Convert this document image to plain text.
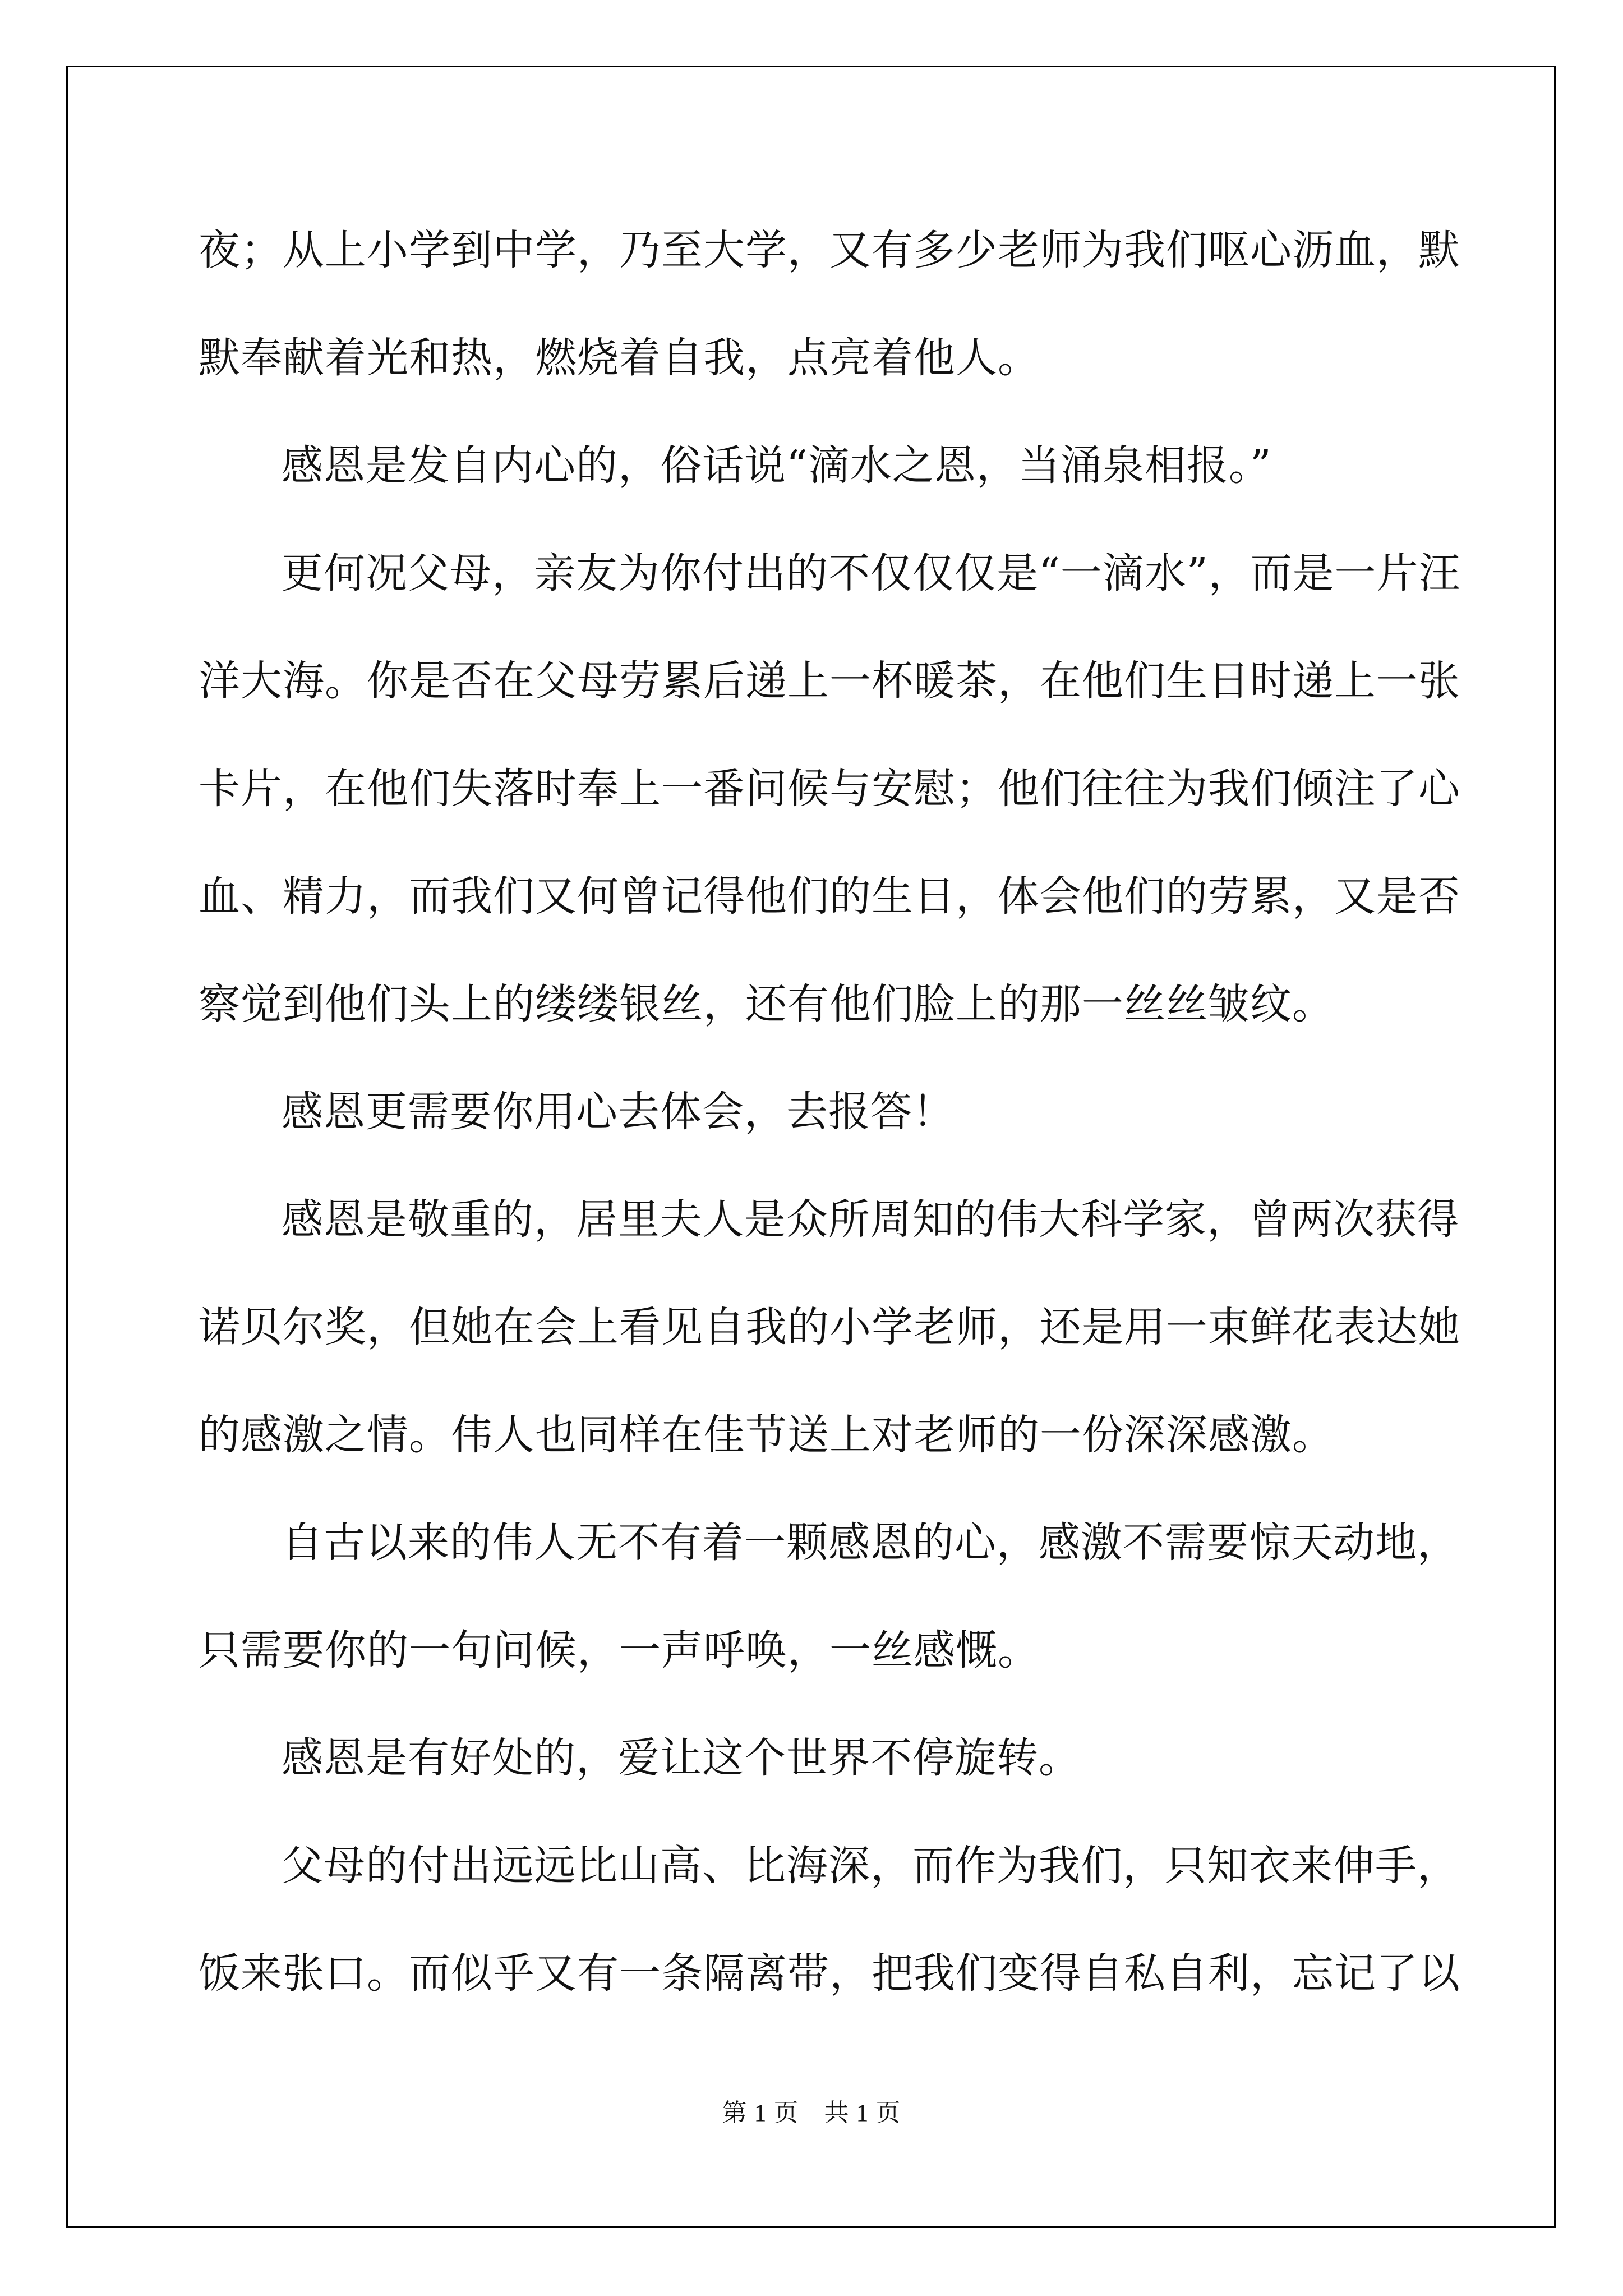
夜；从上小学到中学，乃至大学，又有多少老师为我们呕心沥血，默
默奉献着光和热，燃烧着自我，点亮着他人。
感恩是发自内心的，俗话说“滴水之恩，当涌泉相报。”
更何况父母，亲友为你付出的不仅仅仅是“一滴水”，而是一片汪
洋大海。你是否在父母劳累后递上一杯暖茶，在他们生日时递上一张
卡片，在他们失落时奉上一番问候与安慰；他们往往为我们倾注了心
血、精力，而我们又何曾记得他们的生日，体会他们的劳累，又是否
察觉到他们头上的缕缕银丝，还有他们脸上的那一丝丝皱纹。
感恩更需要你用心去体会，去报答！
感恩是敬重的，居里夫人是众所周知的伟大科学家，曾两次获得
诺贝尔奖，但她在会上看见自我的小学老师，还是用一束鲜花表达她
的感激之情。伟人也同样在佳节送上对老师的一份深深感激。
自古以来的伟人无不有着一颗感恩的心，感激不需要惊天动地，
只需要你的一句问候，一声呼唤，一丝感慨。
感恩是有好处的，爱让这个世界不停旋转。
父母的付出远远比山高、比海深，而作为我们，只知衣来伸手，
饭来张口。而似乎又有一条隔离带，把我们变得自私自利，忘记了以
第 1 页　共 1 页
